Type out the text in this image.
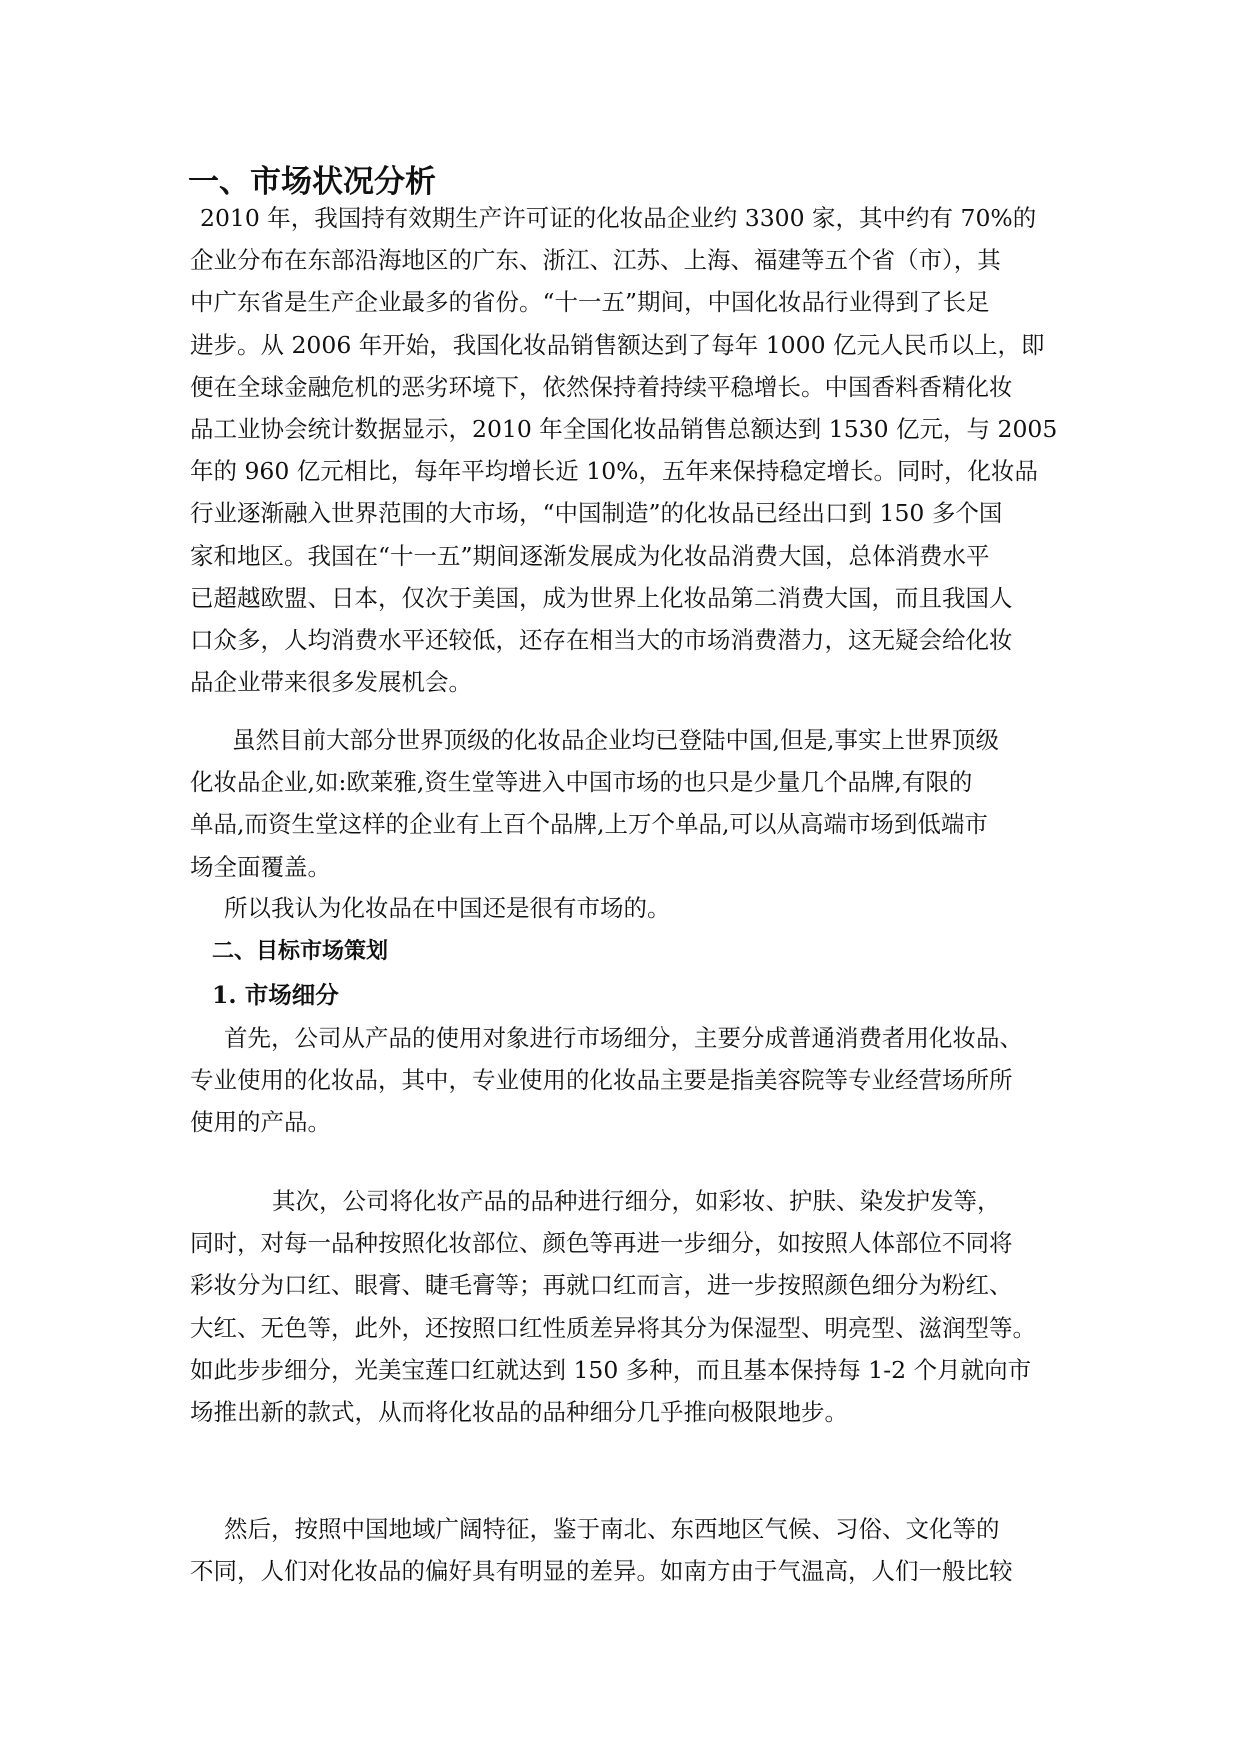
一、市场状况分析
2010 年，我国持有效期生产许可证的化妆品企业约 3300 家，其中约有 70%的
企业分布在东部沿海地区的广东、浙江、江苏、上海、福建等五个省（市），其
中广东省是生产企业最多的省份。“十一五”期间，中国化妆品行业得到了长足
进步。从 2006 年开始，我国化妆品销售额达到了每年 1000 亿元人民币以上，即
便在全球金融危机的恶劣环境下，依然保持着持续平稳增长。中国香料香精化妆
品工业协会统计数据显示，2010 年全国化妆品销售总额达到 1530 亿元，与 2005
年的 960 亿元相比，每年平均增长近 10%，五年来保持稳定增长。同时，化妆品
行业逐渐融入世界范围的大市场，“中国制造”的化妆品已经出口到 150 多个国
家和地区。我国在“十一五”期间逐渐发展成为化妆品消费大国，总体消费水平
已超越欧盟、日本，仅次于美国，成为世界上化妆品第二消费大国，而且我国人
口众多，人均消费水平还较低，还存在相当大的市场消费潜力，这无疑会给化妆
品企业带来很多发展机会。
虽然目前大部分世界顶级的化妆品企业均已登陆中国,但是,事实上世界顶级
化妆品企业,如:欧莱雅,资生堂等进入中国市场的也只是少量几个品牌,有限的
单品,而资生堂这样的企业有上百个品牌,上万个单品,可以从高端市场到低端市
场全面覆盖。
所以我认为化妆品在中国还是很有市场的。
二、目标市场策划
1. 市场细分
首先，公司从产品的使用对象进行市场细分，主要分成普通消费者用化妆品、
专业使用的化妆品，其中，专业使用的化妆品主要是指美容院等专业经营场所所
使用的产品。
其次，公司将化妆产品的品种进行细分，如彩妆、护肤、染发护发等，
同时，对每一品种按照化妆部位、颜色等再进一步细分，如按照人体部位不同将
彩妆分为口红、眼膏、睫毛膏等；再就口红而言，进一步按照颜色细分为粉红、
大红、无色等，此外，还按照口红性质差异将其分为保湿型、明亮型、滋润型等。
如此步步细分，光美宝莲口红就达到 150 多种，而且基本保持每 1-2 个月就向市
场推出新的款式，从而将化妆品的品种细分几乎推向极限地步。
然后，按照中国地域广阔特征，鉴于南北、东西地区气候、习俗、文化等的
不同，人们对化妆品的偏好具有明显的差异。如南方由于气温高，人们一般比较
